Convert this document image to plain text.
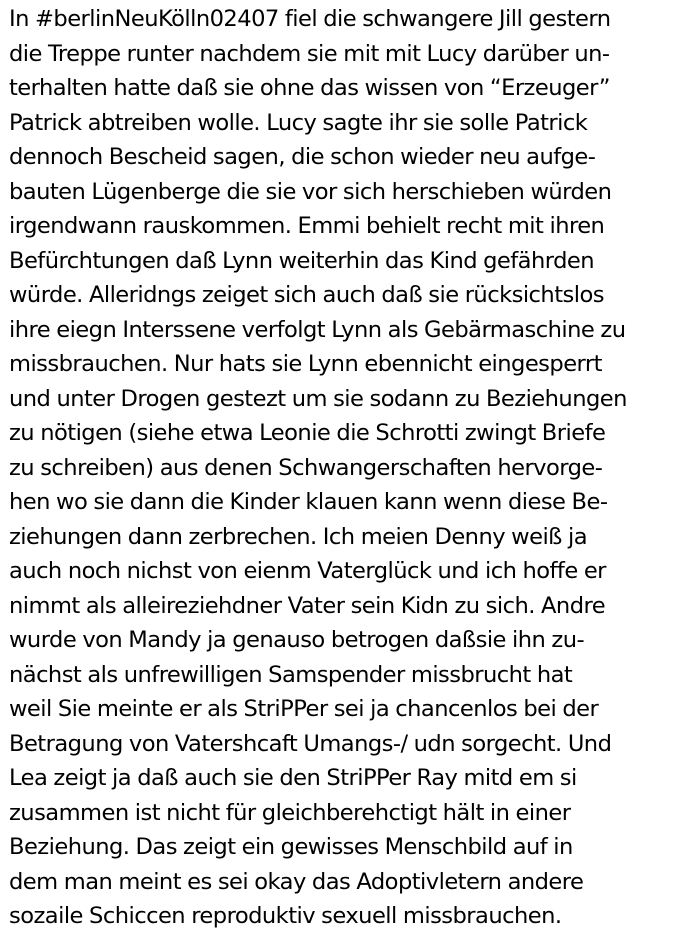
In #berlinNeuKölln02407 fiel die schwangere Jill gestern
die Treppe runter nachdem sie mit mit Lucy darüber un-
terhalten hatte daß sie ohne das wissen von “Erzeuger”
Patrick abtreiben wolle. Lucy sagte ihr sie solle Patrick
dennoch Bescheid sagen, die schon wieder neu aufge-
bauten Lügenberge die sie vor sich herschieben würden
irgendwann rauskommen. Emmi behielt recht mit ihren
Befürchtungen daß Lynn weiterhin das Kind gefährden
würde. Alleridngs zeiget sich auch daß sie rücksichtslos
ihre eiegn Interssene verfolgt Lynn als Gebärmaschine zu
missbrauchen. Nur hats sie Lynn ebennicht eingesperrt
und unter Drogen gestezt um sie sodann zu Beziehungen
zu nötigen (siehe etwa Leonie die Schrotti zwingt Briefe
zu schreiben) aus denen Schwangerschaften hervorge-
hen wo sie dann die Kinder klauen kann wenn diese Be-
ziehungen dann zerbrechen. Ich meien Denny weiß ja
auch noch nichst von eienm Vaterglück und ich hoffe er
nimmt als alleireziehdner Vater sein Kidn zu sich. Andre
wurde von Mandy ja genauso betrogen daßsie ihn zu-
nächst als unfrewilligen Samspender missbrucht hat
weil Sie meinte er als StriPPer sei ja chancenlos bei der
Betragung von Vatershcaft Umangs-/ udn sorgecht. Und
Lea zeigt ja daß auch sie den StriPPer Ray mitd em si
zusammen ist nicht für gleichberehctigt hält in einer
Beziehung. Das zeigt ein gewisses Menschbild auf in
dem man meint es sei okay das Adoptivletern andere
sozaile Schiccen reproduktiv sexuell missbrauchen.
